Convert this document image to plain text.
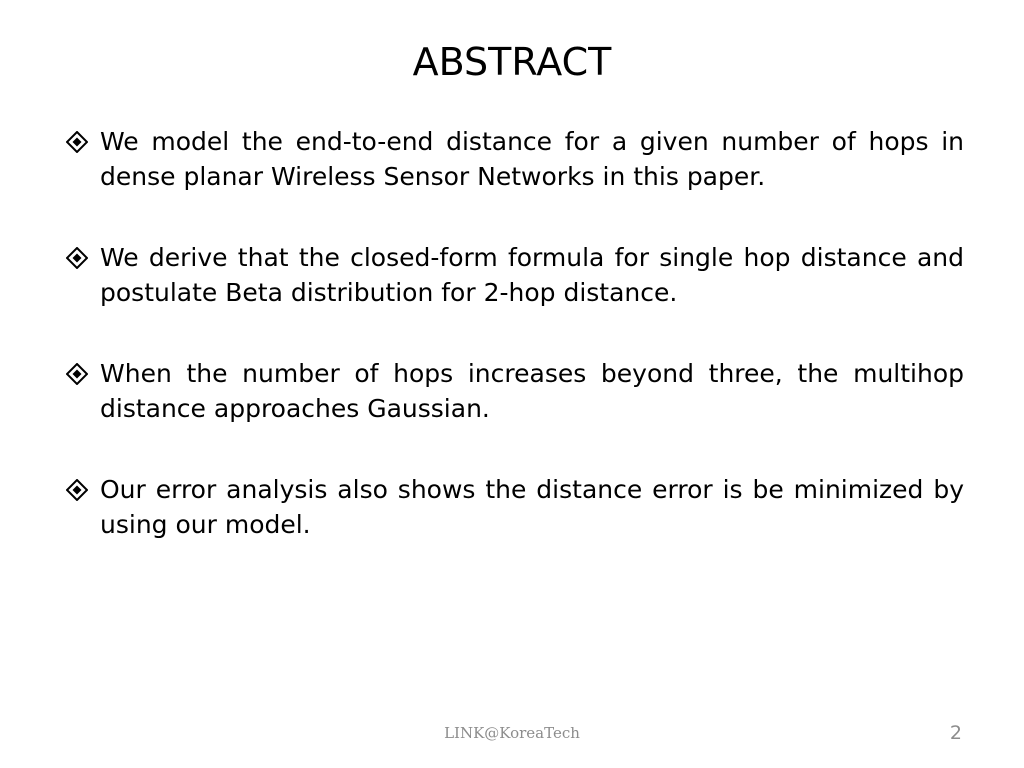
ABSTRACT
We model the end-to-end distance for a given number of hops in dense planar Wireless Sensor Networks in this paper.
We derive that the closed-form formula for single hop distance and postulate Beta distribution for 2-hop distance.
When the number of hops increases beyond three, the multihop distance approaches Gaussian.
Our error analysis also shows the distance error is be minimized by using our model.
LINK@KoreaTech	2
